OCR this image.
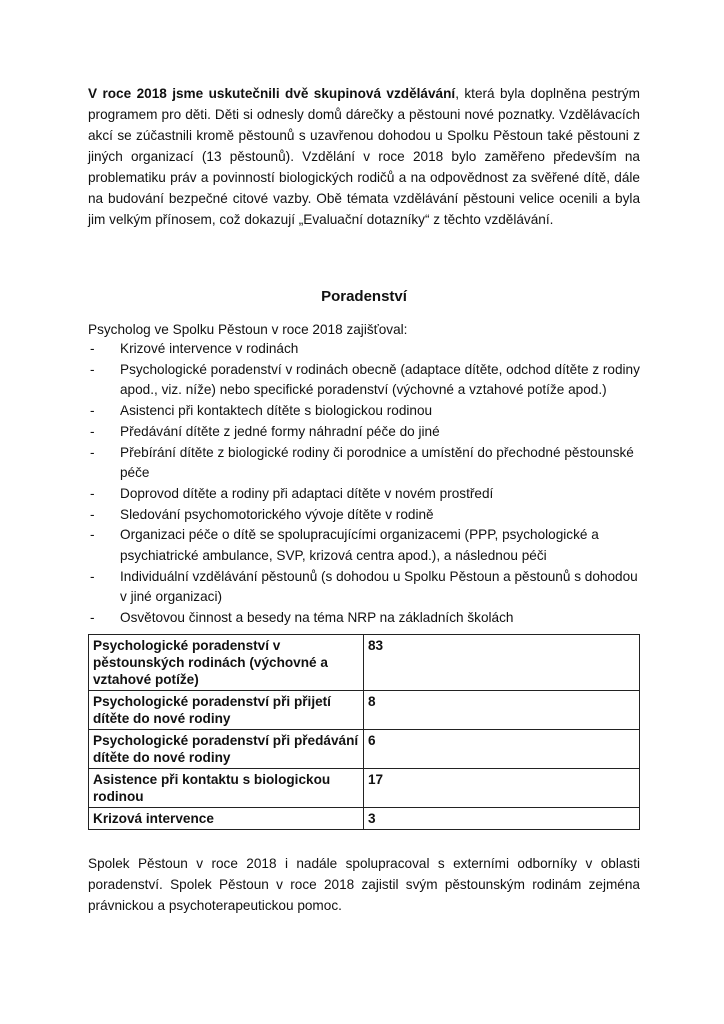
V roce 2018 jsme uskutečnili dvě skupinová vzdělávání, která byla doplněna pestrým programem pro děti. Děti si odnesly domů dárečky a pěstouni nové poznatky. Vzdělávacích akcí se zúčastnili kromě pěstounů s uzavřenou dohodou u Spolku Pěstoun také pěstouni z jiných organizací (13 pěstounů). Vzdělání v roce 2018 bylo zaměřeno především na problematiku práv a povinností biologických rodičů a na odpovědnost za svěřené dítě, dále na budování bezpečné citové vazby. Obě témata vzdělávání pěstouni velice ocenili a byla jim velkým přínosem, což dokazují „Evaluační dotazníky“ z těchto vzdělávání.

Poradenství

Psycholog ve Spolku Pěstoun v roce 2018 zajišťoval:

- Krizové intervence v rodinách
- Psychologické poradenství v rodinách obecně (adaptace dítěte, odchod dítěte z rodiny apod., viz. níže) nebo specifické poradenství (výchovné a vztahové potíže apod.)
- Asistenci při kontaktech dítěte s biologickou rodinou
- Předávání dítěte z jedné formy náhradní péče do jiné
- Přebírání dítěte z biologické rodiny či porodnice a umístění do přechodné pěstounské péče
- Doprovod dítěte a rodiny při adaptaci dítěte v novém prostředí
- Sledování psychomotorického vývoje dítěte v rodině
- Organizaci péče o dítě se spolupracujícími organizacemi (PPP, psychologické a psychiatrické ambulance, SVP, krizová centra apod.), a následnou péči
- Individuální vzdělávání pěstounů (s dohodou u Spolku Pěstoun a pěstounů s dohodou v jiné organizaci)
- Osvětovou činnost a besedy na téma NRP na základních školách
Psychologické poradenství v pěstounských rodinách (výchovné a vztahové potíže)	83
Psychologické poradenství při přijetí dítěte do nové rodiny	8
Psychologické poradenství při předávání dítěte do nové rodiny	6
Asistence při kontaktu s biologickou rodinou	17
Krizová intervence	3

Spolek Pěstoun v roce 2018 i nadále spolupracoval s externími odborníky v oblasti poradenství. Spolek Pěstoun v roce 2018 zajistil svým pěstounským rodinám zejména právnickou a psychoterapeutickou pomoc.
